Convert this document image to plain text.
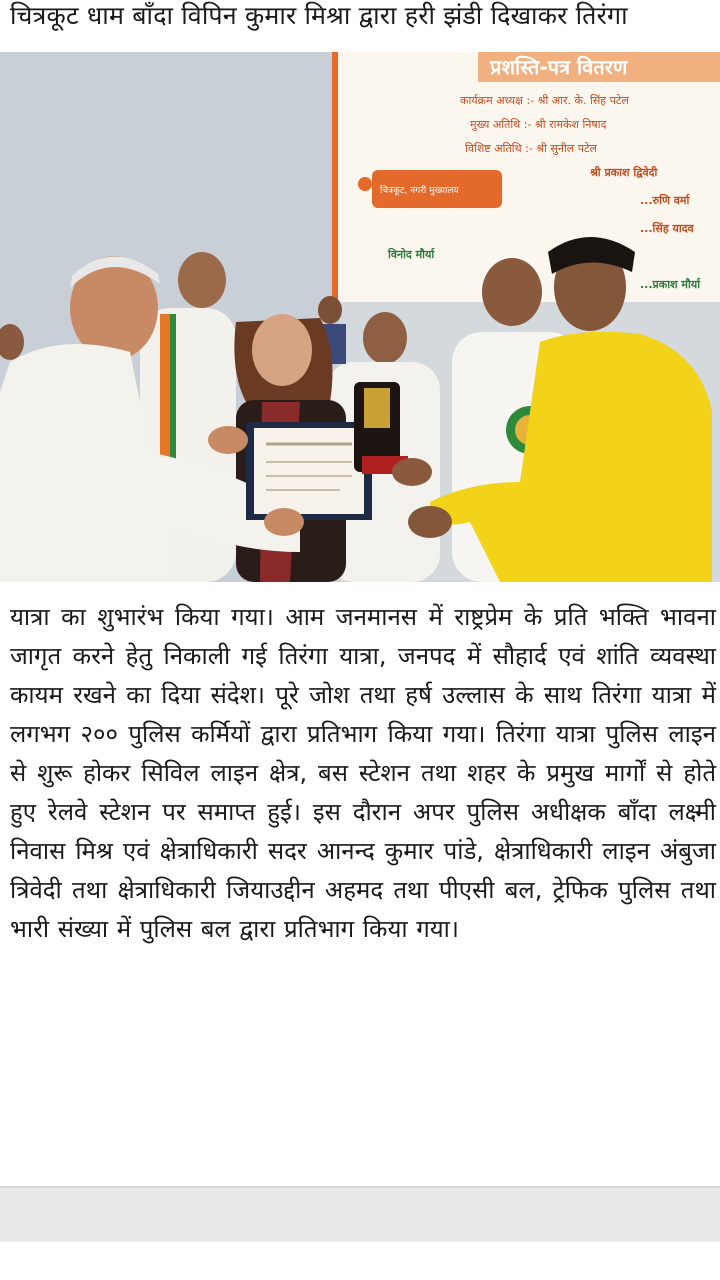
चित्रकूट धाम बाँदा विपिन कुमार मिश्रा द्वारा हरी झंडी दिखाकर तिरंगा
प्रशस्ति-पत्र वितरण
कार्यक्रम अध्यक्ष :- श्री आर. के. सिंह पटेल
मुख्य अतिथि :- श्री रामकेश निषाद
विशिष्ट अतिथि :- श्री सुनील पटेल
श्री प्रकाश द्विवेदी
...रुणि वर्मा
...सिंह यादव
चित्रकूट, नगरी मुख्यालय
विनोद मौर्या
...प्रकाश मौर्या
यात्रा का शुभारंभ किया गया। आम जनमानस में राष्ट्रप्रेम के प्रति भक्ति भावना जागृत करने हेतु निकाली गई तिरंगा यात्रा, जनपद में सौहार्द एवं शांति व्यवस्था कायम रखने का दिया संदेश। पूरे जोश तथा हर्ष उल्लास के साथ तिरंगा यात्रा में लगभग २०० पुलिस कर्मियों द्वारा प्रतिभाग किया गया। तिरंगा यात्रा पुलिस लाइन से शुरू होकर सिविल लाइन क्षेत्र, बस स्टेशन तथा शहर के प्रमुख मार्गों से होते हुए रेलवे स्टेशन पर समाप्त हुई। इस दौरान अपर पुलिस अधीक्षक बाँदा लक्ष्मी निवास मिश्र एवं क्षेत्राधिकारी सदर आनन्द कुमार पांडे, क्षेत्राधिकारी लाइन अंबुजा त्रिवेदी तथा क्षेत्राधिकारी जियाउद्दीन अहमद तथा पीएसी बल, ट्रेफिक पुलिस तथा भारी संख्या में पुलिस बल द्वारा प्रतिभाग किया गया।
